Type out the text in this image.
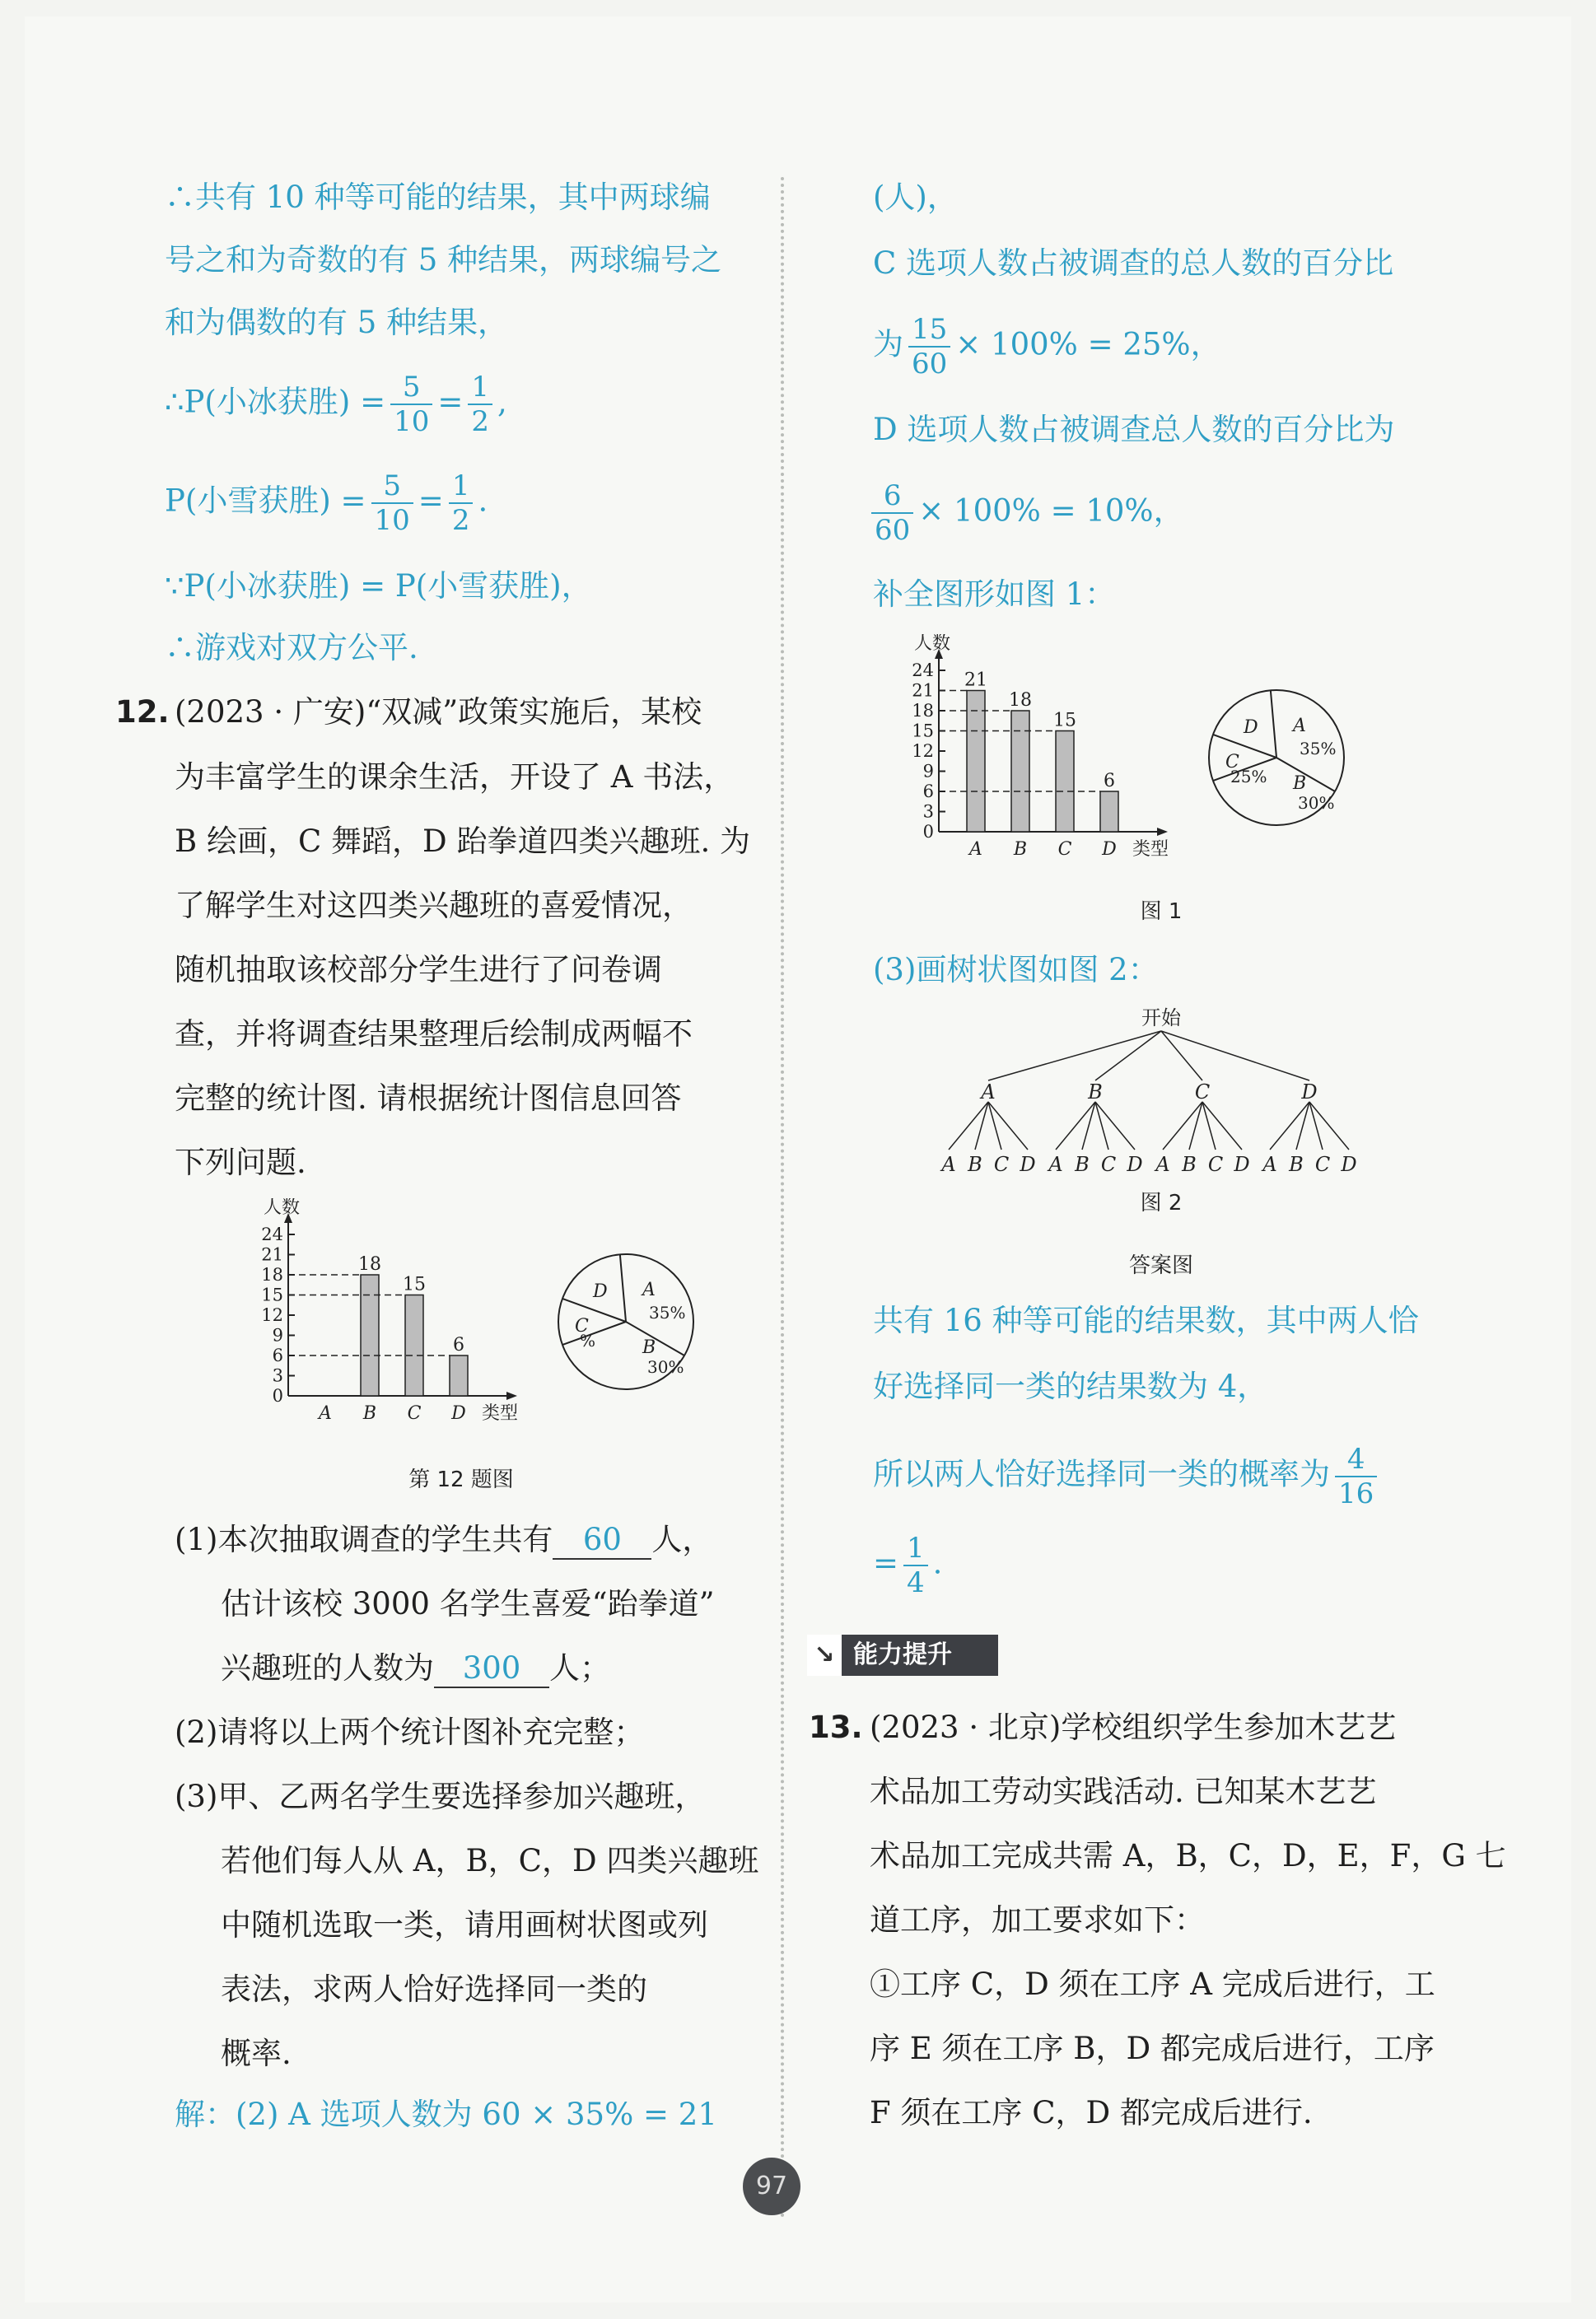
∴共有 10 种等可能的结果，其中两球编
号之和为奇数的有 5 种结果，两球编号之
和为偶数的有 5 种结果，
∴P(小冰获胜) = $\frac{5}{10} = \frac{1}{2}$ ,
P(小雪获胜) = $\frac{5}{10} = \frac{1}{2}$ .
∵P(小冰获胜) = P(小雪获胜)，
∴游戏对双方公平.
12. (2023 · 广安)“双减”政策实施后，某校
为丰富学生的课余生活，开设了 A 书法，
B 绘画，C 舞蹈，D 跆拳道四类兴趣班. 为
了解学生对这四类兴趣班的喜爱情况，
随机抽取该校部分学生进行了问卷调
查，并将调查结果整理后绘制成两幅不
完整的统计图. 请根据统计图信息回答
下列问题.
人数
类型
0
3
6
9
12
15
18
21
24
A B
18
C
15
D
6
A
35%
B
30%
C
%
D
第 12 题图
(1)本次抽取调查的学生共有 60 人，
估计该校 3000 名学生喜爱“跆拳道”
兴趣班的人数为 300 人；
(2)请将以上两个统计图补充完整；
(3)甲、乙两名学生要选择参加兴趣班，
若他们每人从 A，B，C，D 四类兴趣班
中随机选取一类，请用画树状图或列
表法，求两人恰好选择同一类的
概率.
解：(2) A 选项人数为 60 × 35% = 21
(人)，
C 选项人数占被调查的总人数的百分比
为 $\frac{15}{60} \times 100\% = 25\%$，
D 选项人数占被调查总人数的百分比为
$\frac{6}{60} \times 100\% = 10\%$，
补全图形如图 1：
人数
类型
0
3
6
9
12
15
18
21
24
A
21
B
18
C
15
D
6
A
35%
B
30%
C
25%
D
图 1
(3)画树状图如图 2：
开始
A
A B C D
B
A B C D
C
A B C D
D
A B C D
图 2
答案图
共有 16 种等可能的结果数，其中两人恰
好选择同一类的结果数为 4，
所以两人恰好选择同一类的概率为 $\frac{4}{16}$
= $\frac{1}{4}$ .
↘ 能力提升
13. (2023 · 北京)学校组织学生参加木艺艺
术品加工劳动实践活动. 已知某木艺艺
术品加工完成共需 A，B，C，D，E，F，G 七
道工序，加工要求如下：
①工序 C，D 须在工序 A 完成后进行，工
序 E 须在工序 B，D 都完成后进行，工序
F 须在工序 C，D 都完成后进行.
97
